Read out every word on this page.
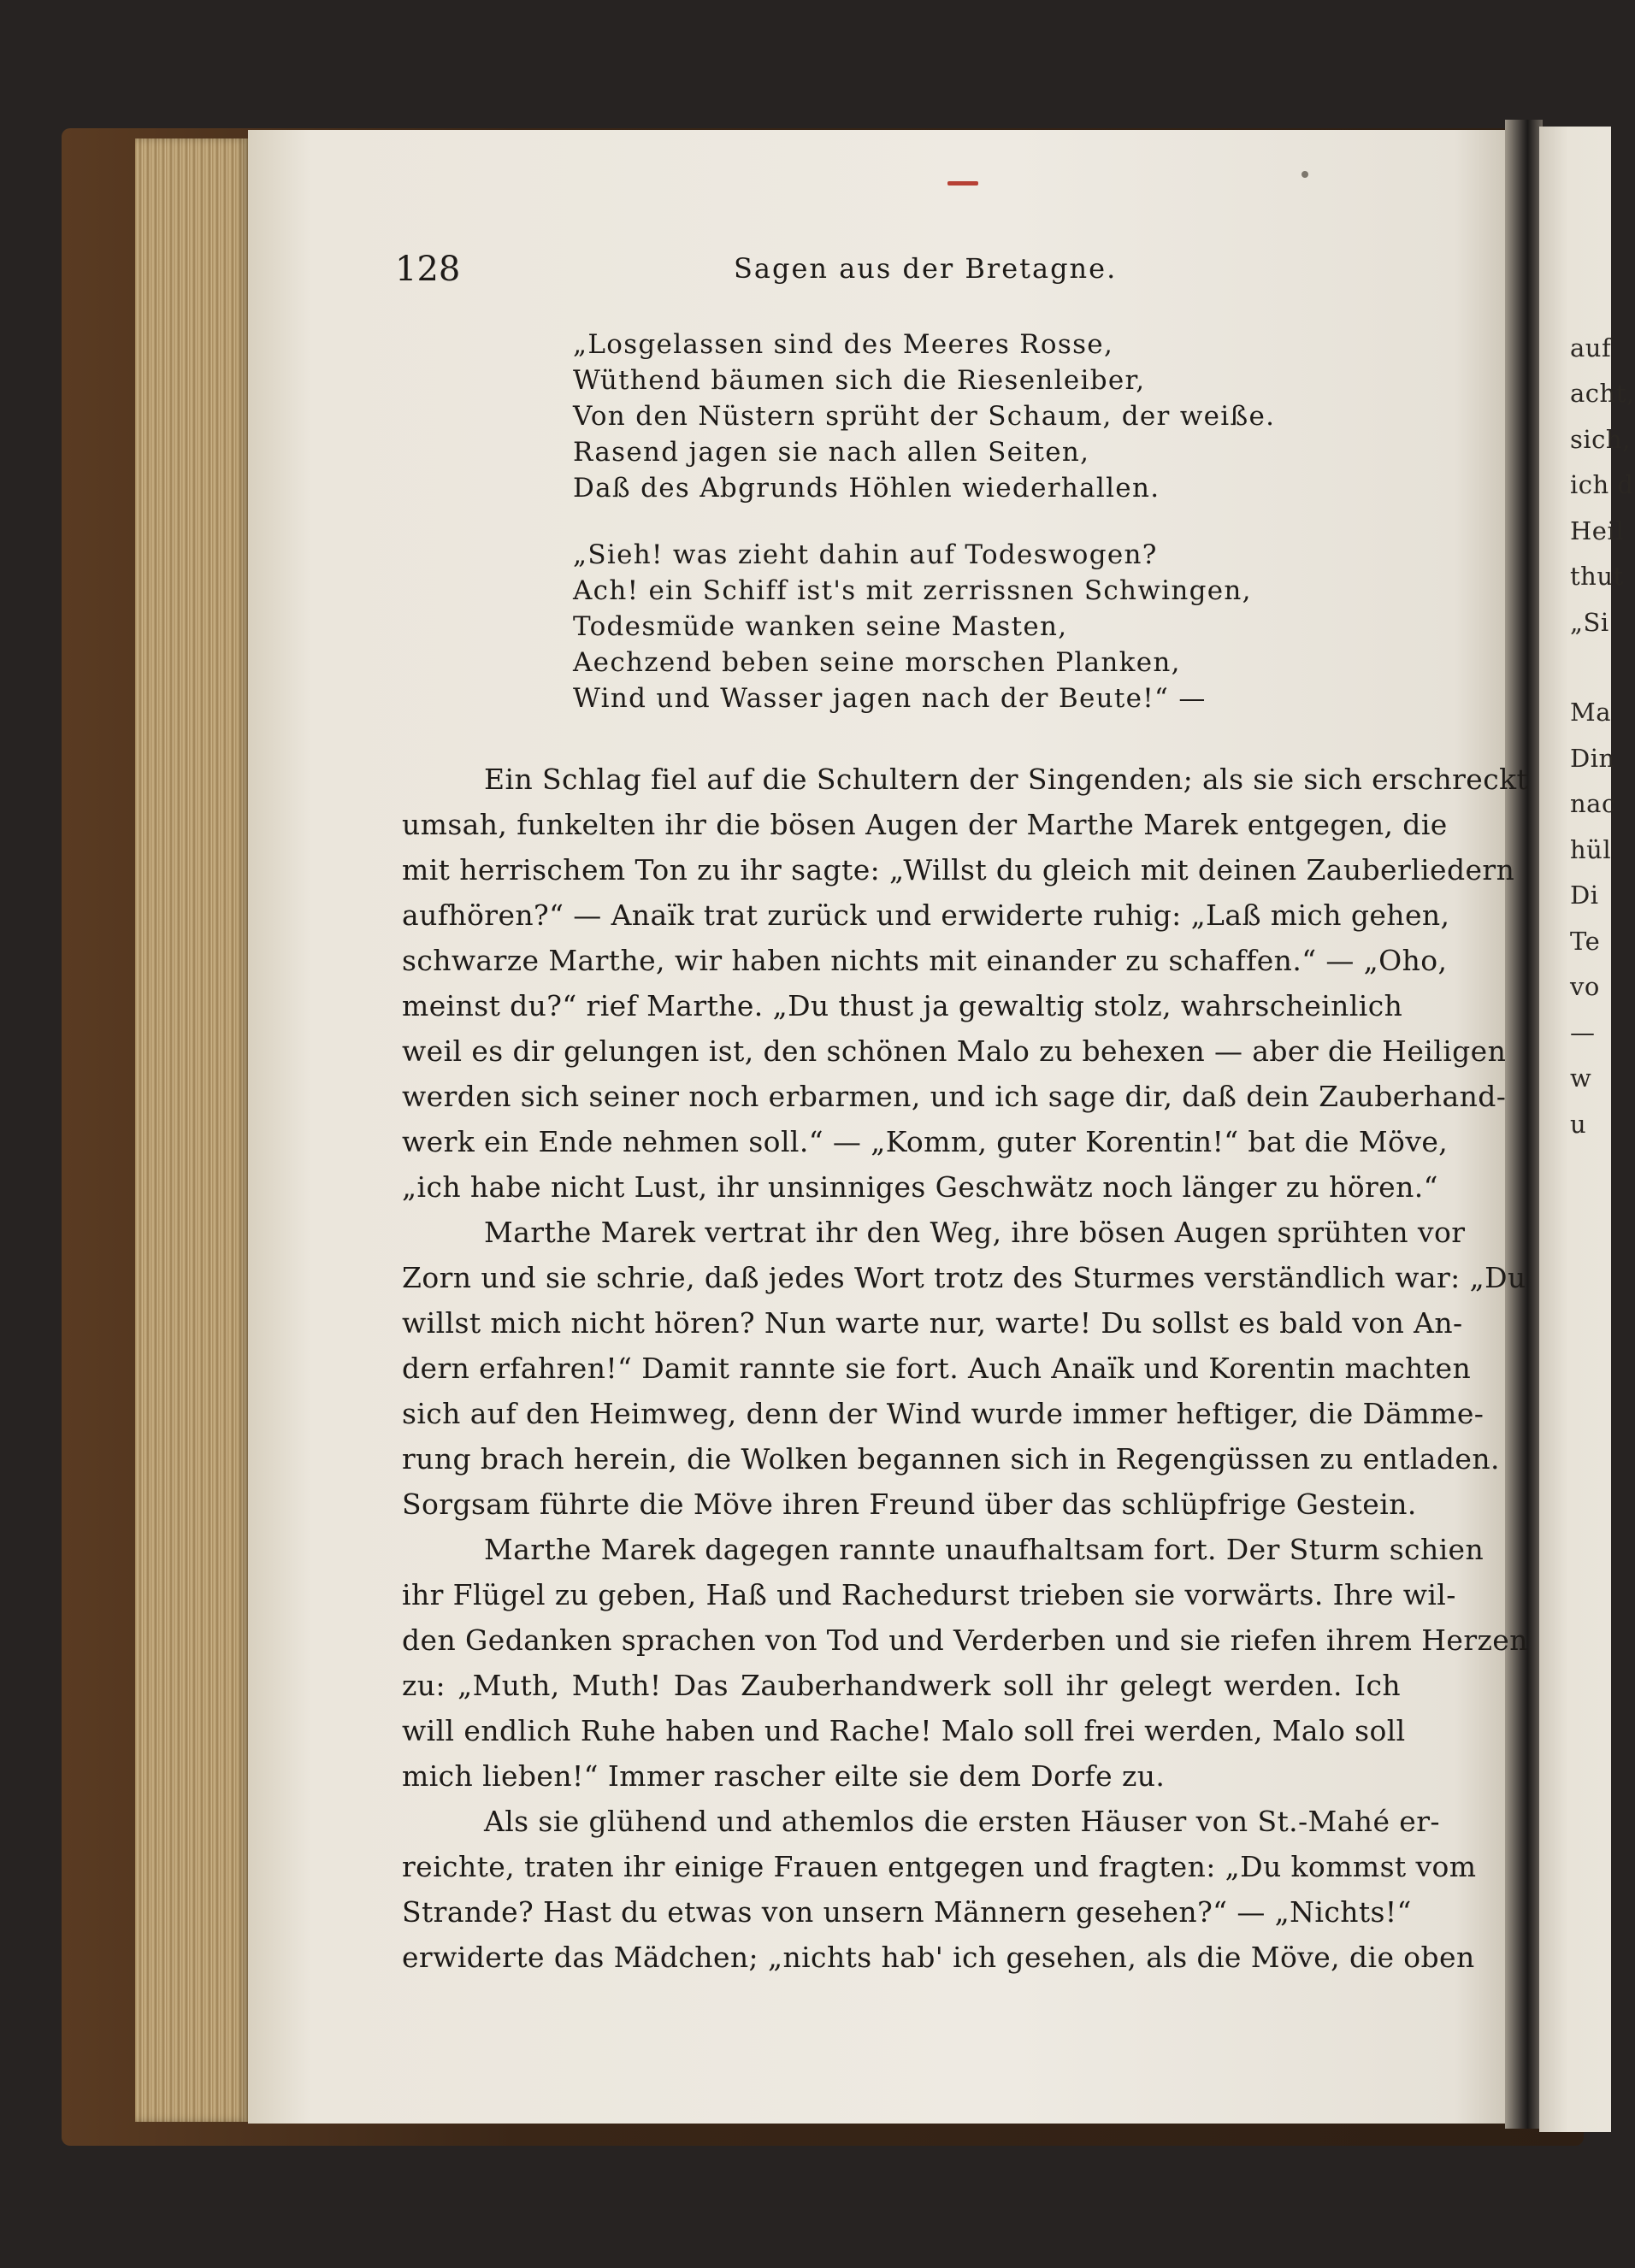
auf
acht,
sich,
ich d
Heil
thut
„Si
Ma
Din
nac
hül
Di
Te
vo
—
w
u
128	Sagen aus der Bretagne.
„Losgelassen sind des Meeres Rosse,
Wüthend bäumen sich die Riesenleiber,
Von den Nüstern sprüht der Schaum, der weiße.
Rasend jagen sie nach allen Seiten,
Daß des Abgrunds Höhlen wiederhallen.
„Sieh! was zieht dahin auf Todeswogen?
Ach! ein Schiff ist's mit zerrissnen Schwingen,
Todesmüde wanken seine Masten,
Aechzend beben seine morschen Planken,
Wind und Wasser jagen nach der Beute!“ —
Ein Schlag fiel auf die Schultern der Singenden; als sie sich erschreckt
umsah, funkelten ihr die bösen Augen der Marthe Marek entgegen, die
mit herrischem Ton zu ihr sagte: „Willst du gleich mit deinen Zauberliedern
aufhören?“ — Anaïk trat zurück und erwiderte ruhig: „Laß mich gehen,
schwarze Marthe, wir haben nichts mit einander zu schaffen.“ — „Oho,
meinst du?“ rief Marthe. „Du thust ja gewaltig stolz, wahrscheinlich
weil es dir gelungen ist, den schönen Malo zu behexen — aber die Heiligen
werden sich seiner noch erbarmen, und ich sage dir, daß dein Zauberhand-
werk ein Ende nehmen soll.“ — „Komm, guter Korentin!“ bat die Möve,
„ich habe nicht Lust, ihr unsinniges Geschwätz noch länger zu hören.“
Marthe Marek vertrat ihr den Weg, ihre bösen Augen sprühten vor
Zorn und sie schrie, daß jedes Wort trotz des Sturmes verständlich war: „Du
willst mich nicht hören? Nun warte nur, warte! Du sollst es bald von An-
dern erfahren!“ Damit rannte sie fort. Auch Anaïk und Korentin machten
sich auf den Heimweg, denn der Wind wurde immer heftiger, die Dämme-
rung brach herein, die Wolken begannen sich in Regengüssen zu entladen.
Sorgsam führte die Möve ihren Freund über das schlüpfrige Gestein.
Marthe Marek dagegen rannte unaufhaltsam fort. Der Sturm schien
ihr Flügel zu geben, Haß und Rachedurst trieben sie vorwärts. Ihre wil-
den Gedanken sprachen von Tod und Verderben und sie riefen ihrem Herzen
zu: „Muth, Muth! Das Zauberhandwerk soll ihr gelegt werden. Ich
will endlich Ruhe haben und Rache! Malo soll frei werden, Malo soll
mich lieben!“ Immer rascher eilte sie dem Dorfe zu.
Als sie glühend und athemlos die ersten Häuser von St.-Mahé er-
reichte, traten ihr einige Frauen entgegen und fragten: „Du kommst vom
Strande? Hast du etwas von unsern Männern gesehen?“ — „Nichts!“
erwiderte das Mädchen; „nichts hab' ich gesehen, als die Möve, die oben
